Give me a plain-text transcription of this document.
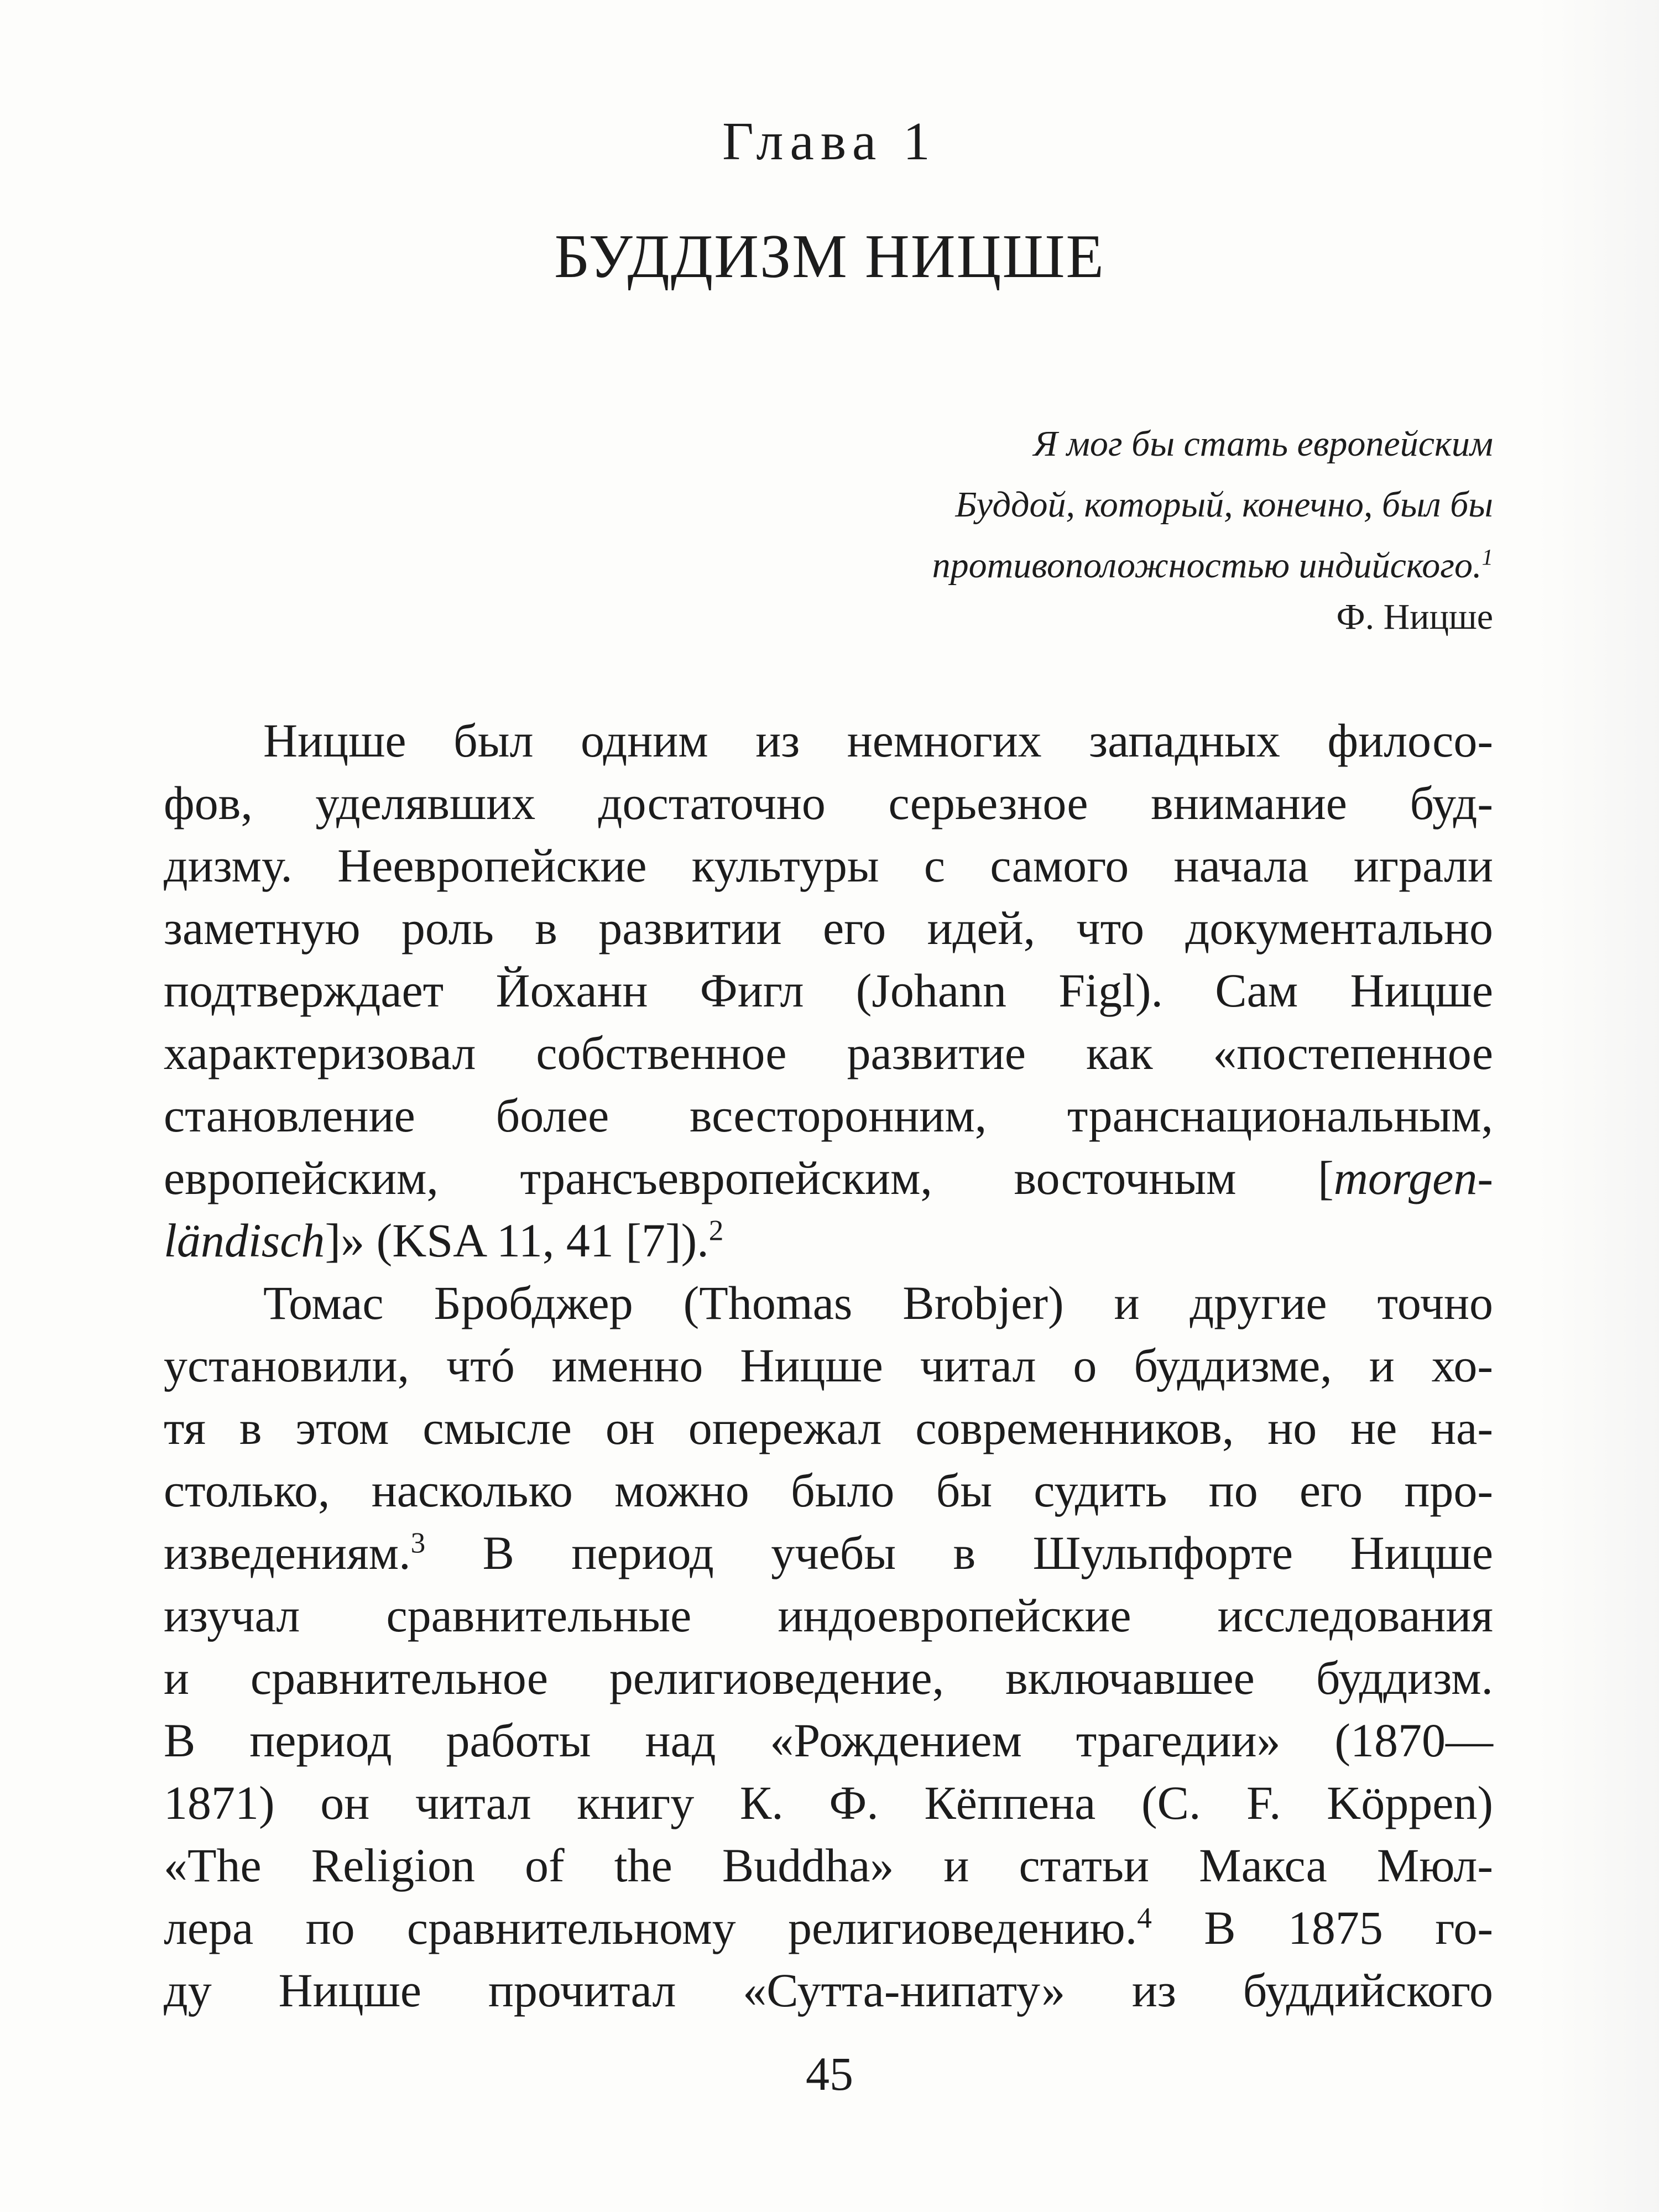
Глава 1
БУДДИЗМ НИЦШЕ
Я мог бы стать европейским
Буддой, который, конечно, был бы
противоположностью индийского.$^1$
Ф. Ницше
Ницше был одним из немногих западных филосо-
фов, уделявших достаточно серьезное внимание буд-
дизму. Неевропейские культуры с самого начала играли
заметную роль в развитии его идей, что документально
подтверждает Йоханн Фигл (Johann Figl). Сам Ницше
характеризовал собственное развитие как «постепенное
становление более всесторонним, транснациональным,
европейским, трансъевропейским, восточным [morgen-
ländisch]» (KSA 11, 41 [7]).$^2$
Томас Бробджер (Thomas Brobjer) и другие точно
установили, чтó именно Ницше читал о буддизме, и хо-
тя в этом смысле он опережал современников, но не на-
столько, насколько можно было бы судить по его про-
изведениям.$^3$ В период учебы в Шульпфорте Ницше
изучал сравнительные индоевропейские исследования
и сравнительное религиоведение, включавшее буддизм.
В период работы над «Рождением трагедии» (1870—
1871) он читал книгу К. Ф. Кёппена (C. F. Köppen)
«The Religion of the Buddha» и статьи Макса Мюл-
лера по сравнительному религиоведению.$^4$ В 1875 го-
ду Ницше прочитал «Сутта-нипату» из буддийского
45
